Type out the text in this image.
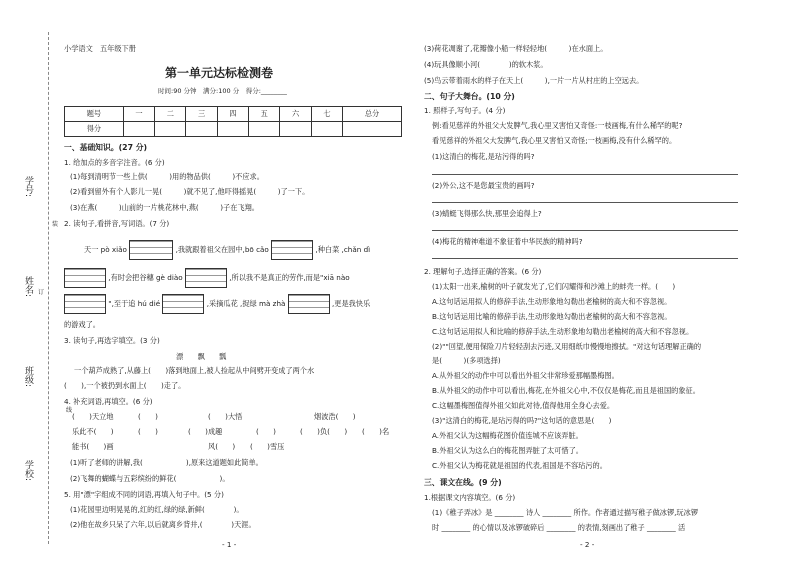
学号:
姓名:
班级:
学校:
装
订
线
小学语文　五年级下册
第一单元达标检测卷
时间:90 分钟　满分:100 分　得分:________
题号	一	二	三	四	五	六	七	总分
得分								
一、基础知识。(27 分)
1. 给加点的多音字注音。(6 分)
(1)每到清明节一些上供(　　　)用的物品供(　　　)不应求。
(2)看到留外有个人影儿一晃(　　　)就不见了,他吓得摇晃(　　　)了一下。
(3)在燕(　　　)山前的一片桃花林中,燕(　　　)子在飞翔。
2. 读句子,看拼音,写词语。(7 分)
天一 pò xiǎo	,我就跟着祖父在园中,bō cǎo	,种白菜 ,chǎn dì
,有时会把谷穗 gè diào	,所以我不是真正的劳作,而是"xiā nào
",至于追 hú dié	,采摘瓜花 ,捉绿 mà zhà	,更是我快乐
的游戏了。
3. 读句子,再选字填空。(3 分)
漂　　飘　　瓢
一个葫芦成熟了,从藤上(　　)落到地面上,被人捡起从中间劈开变成了两个水
(　　),一个被扔到水面上(　　)走了。
4. 补充词语,再填空。(6 分)
(　　)天立地	(　　)	(　　)大悟	烟波浩(　　)
乐此不(　　)	(　　)	(　　)成趣	(　　)	(　　)负(　　) (　　)名
能书(　　)画	风(　　) (　　)雪压
(1)听了老师的讲解,我(　　　　　　),原来这道题如此简单。
(2)飞舞的蝴蝶与五彩缤纷的鲜花(　　　　　　)。
5. 用"漂"字组成不同的词语,再填入句子中。(5 分)
(1)花园里边明晃晃的,红的红,绿的绿,新鲜(　　　　)。
(2)他在故乡只呆了六年,以后就离乡背井,(　　　　)天涯。
- 1 -
(3)荷花凋谢了,花瓣像小船一样轻轻地(　　　)在水面上。
(4)玩具像顺小河(　　　　)的软木浆。
(5)鸟云带着雨水的样子在天上(　　　),一片一片从村庄的上空远去。
二、句子大舞台。(10 分)
1. 照样子,写句子。(4 分)
例:看见慈祥的外祖父大发脾气,我心里又害怕又奇怪:一枝画梅,有什么稀罕的呢?
看见慈祥的外祖父大发脾气,我心里又害怕又奇怪;一枝画梅,没有什么稀罕的。
(1)这清白的梅花,是玷污得的吗?
(2)外公,这不是您最宝贵的画吗?
(3)蜻蜓飞得那么快,那里会追得上?
(4)梅花的精神难道不象征着中华民族的精神吗?
2. 理解句子,选择正确的答案。(6 分)
(1)太阳一出来,榆树的叶子就发光了,它们闪耀得和沙滩上的蚌壳一样。(　　)
A.这句话运用拟人的修辞手法,生动形象地勾勒出老榆树的高大和不容忽视。
B.这句话运用比喻的修辞手法,生动形象地勾勒出老榆树的高大和不容忽视。
C.这句话运用拟人和比喻的修辞手法,生动形象地勾勒出老榆树的高大和不容忽视。
(2)""回望,便用保险刀片轻轻刮去污迹,又用细纸巾慢慢地擦拭。"对这句话理解正确的
是(　　　)(多项选择)
A.从外祖父的动作中可以看出外祖父非常珍爱那幅墨梅图。
B.从外祖父的动作中可以看出,梅花,在外祖父心中,不仅仅是梅花,而且是祖国的象征。
C.这幅墨梅图值得外祖父如此对待,值得他用全身心去爱。
(3)"这清白的梅花,是玷污得的吗?"这句话的意思是(　　)
A.外祖父认为这幅梅花图价值连城不应该弄脏。
B.外祖父认为这么白的梅花图弄脏了太可惜了。
C.外祖父认为梅花就是祖国的代表,祖国是不容玷污的。
三、课文在线。(9 分)
1.根据课文内容填空。(6 分)
(1)《稚子弄冰》是 ________ 诗人 ________ 所作。作者通过描写稚子做冰锣,玩冰锣
时 ________ 的心情以及冰锣破碎后 ________ 的表情,刻画出了稚子 ________ 活
- 2 -
